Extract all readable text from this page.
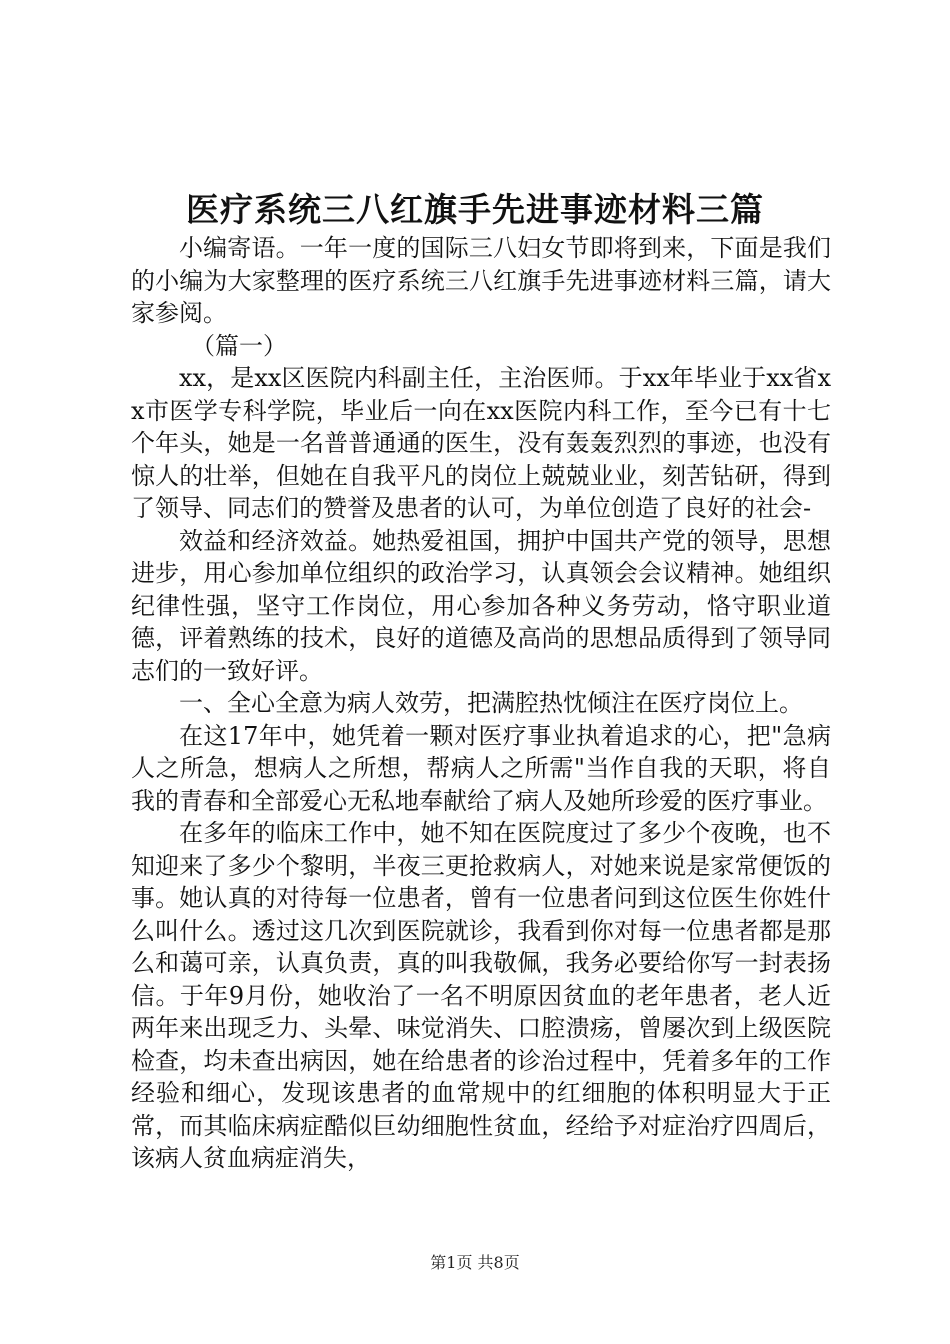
医疗系统三八红旗手先进事迹材料三篇

小编寄语。一年一度的国际三八妇女节即将到来，下面是我们的小编为大家整理的医疗系统三八红旗手先进事迹材料三篇，请大家参阅。

（篇一）

xx，是xx区医院内科副主任，主治医师。于xx年毕业于xx省xx市医学专科学院，毕业后一向在xx医院内科工作，至今已有十七个年头，她是一名普普通通的医生，没有轰轰烈烈的事迹，也没有惊人的壮举，但她在自我平凡的岗位上兢兢业业，刻苦钻研，得到了领导、同志们的赞誉及患者的认可，为单位创造了良好的社会-

效益和经济效益。她热爱祖国，拥护中国共产党的领导，思想进步，用心参加单位组织的政治学习，认真领会会议精神。她组织纪律性强，坚守工作岗位，用心参加各种义务劳动，恪守职业道德，评着熟练的技术，良好的道德及高尚的思想品质得到了领导同志们的一致好评。

一、全心全意为病人效劳，把满腔热忱倾注在医疗岗位上。

在这17年中，她凭着一颗对医疗事业执着追求的心，把"急病人之所急，想病人之所想，帮病人之所需"当作自我的天职，将自我的青春和全部爱心无私地奉献给了病人及她所珍爱的医疗事业。

在多年的临床工作中，她不知在医院度过了多少个夜晚，也不知迎来了多少个黎明，半夜三更抢救病人，对她来说是家常便饭的事。她认真的对待每一位患者，曾有一位患者问到这位医生你姓什么叫什么。透过这几次到医院就诊，我看到你对每一位患者都是那么和蔼可亲，认真负责，真的叫我敬佩，我务必要给你写一封表扬信。于年9月份，她收治了一名不明原因贫血的老年患者，老人近两年来出现乏力、头晕、味觉消失、口腔溃疡，曾屡次到上级医院检查，均未查出病因，她在给患者的诊治过程中，凭着多年的工作经验和细心，发现该患者的血常规中的红细胞的体积明显大于正常，而其临床病症酷似巨幼细胞性贫血，经给予对症治疗四周后，该病人贫血病症消失，

第1页 共8页
